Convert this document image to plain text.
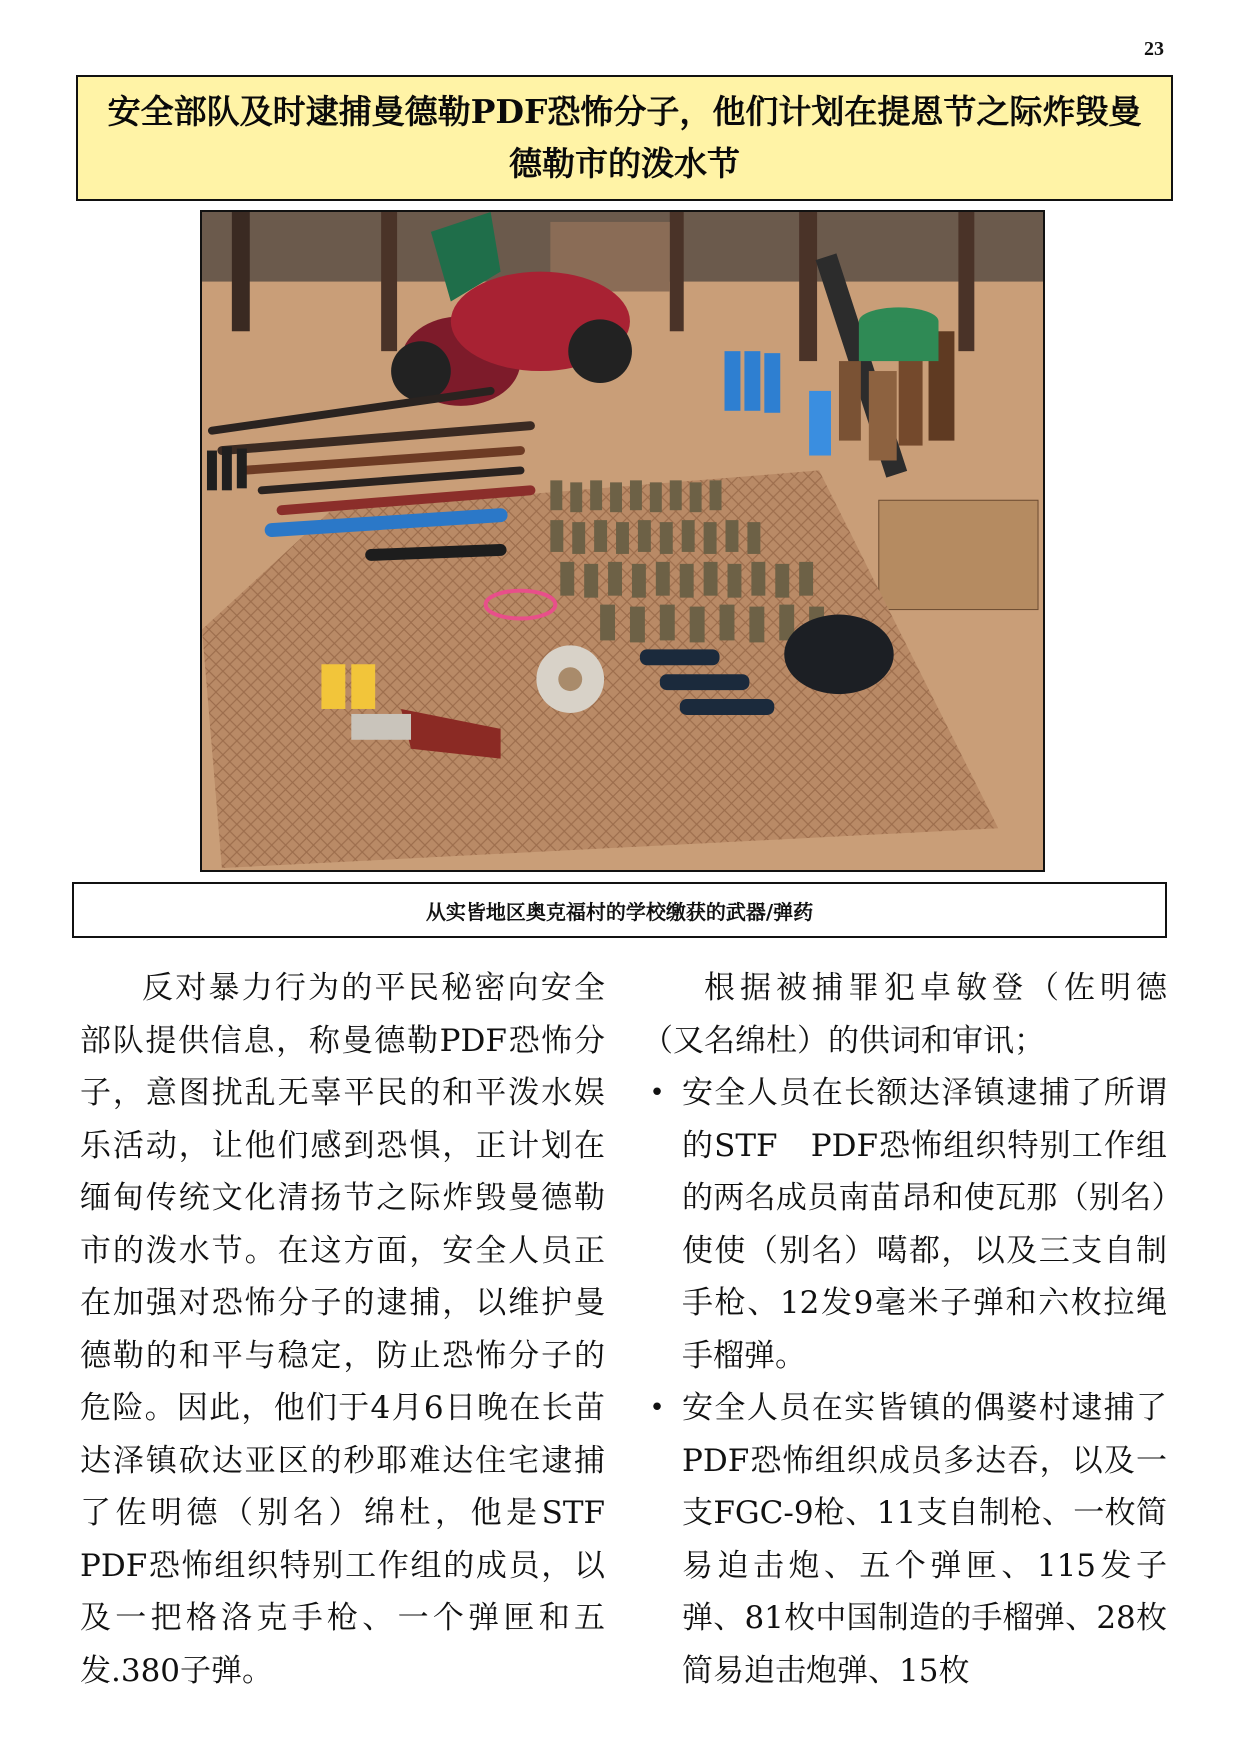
23
安全部队及时逮捕曼德勒PDF恐怖分子，他们计划在提恩节之际炸毁曼德勒市的泼水节
从实皆地区奥克福村的学校缴获的武器/弹药
反对暴力行为的平民秘密向安全部队提供信息，称曼德勒PDF恐怖分子，意图扰乱无辜平民的和平泼水娱乐活动，让他们感到恐惧，正计划在缅甸传统文化清扬节之际炸毁曼德勒市的泼水节。在这方面，安全人员正在加强对恐怖分子的逮捕，以维护曼德勒的和平与稳定，防止恐怖分子的危险。因此，他们于4月6日晚在长苗达泽镇砍达亚区的秒耶难达住宅逮捕了佐明德（别名）绵杜，他是STF PDF恐怖组织特别工作组的成员，以及一把格洛克手枪、一个弹匣和五发.380子弹。

根据被捕罪犯卓敏登（佐明德（又名绵杜）的供词和审讯；

• 安全人员在长额达泽镇逮捕了所谓的STF　PDF恐怖组织特别工作组的两名成员南苗昂和使瓦那（别名）使使（别名）噶都，以及三支自制手枪、12发9毫米子弹和六枚拉绳手榴弹。
• 安全人员在实皆镇的偶婆村逮捕了PDF恐怖组织成员多达吞，以及一支FGC-9枪、11支自制枪、一枚简易迫击炮、五个弹匣、115发子弹、81枚中国制造的手榴弹、28枚简易迫击炮弹、15枚
